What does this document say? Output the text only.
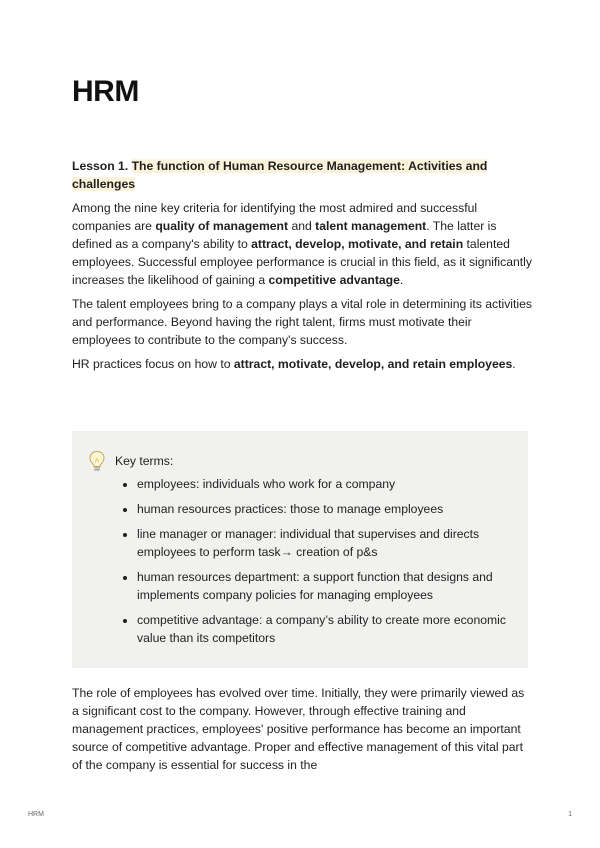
HRM

Lesson 1. The function of Human Resource Management: Activities and challenges

Among the nine key criteria for identifying the most admired and successful companies are quality of management and talent management. The latter is defined as a company's ability to attract, develop, motivate, and retain talented employees. Successful employee performance is crucial in this field, as it significantly increases the likelihood of gaining a competitive advantage.

The talent employees bring to a company plays a vital role in determining its activities and performance. Beyond having the right talent, firms must motivate their employees to contribute to the company's success.

HR practices focus on how to attract, motivate, develop, and retain employees.

Key terms:
• employees: individuals who work for a company
• human resources practices: those to manage employees
• line manager or manager: individual that supervises and directs employees to perform task→ creation of p&s
• human resources department: a support function that designs and implements company policies for managing employees
• competitive advantage: a company’s ability to create more economic value than its competitors
The role of employees has evolved over time. Initially, they were primarily viewed as a significant cost to the company. However, through effective training and management practices, employees' positive performance has become an important source of competitive advantage. Proper and effective management of this vital part of the company is essential for success in the
HRM	1
